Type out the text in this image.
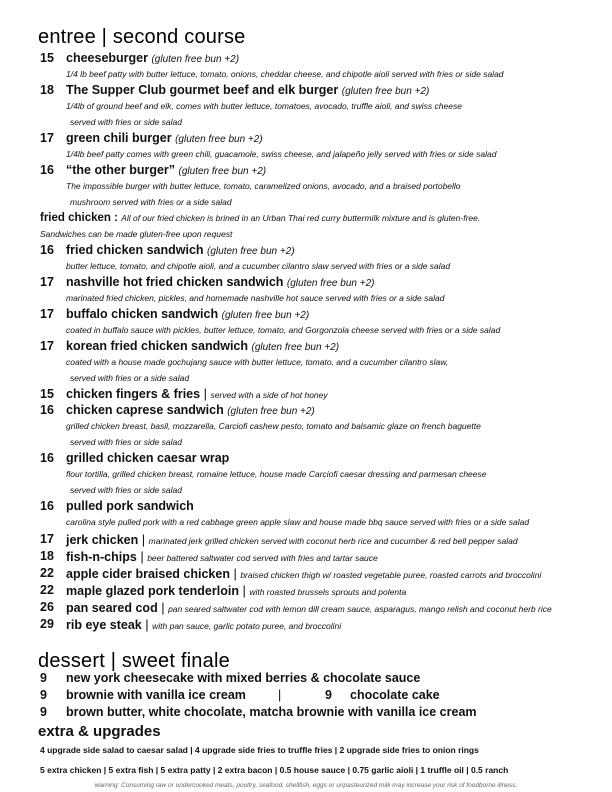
entree | second course
15 cheeseburger (gluten free bun +2)
1/4 lb beef patty with butter lettuce, tomato, onions, cheddar cheese, and chipotle aioli served with fries or side salad
18 The Supper Club gourmet beef and elk burger (gluten free bun +2)
1/4lb of ground beef and elk, comes with butter lettuce, tomatoes, avocado, truffle aioli, and swiss cheese
served with fries or side salad
17 green chili burger (gluten free bun +2)
1/4lb beef patty comes with green chili, guacamole, swiss cheese, and jalapeño jelly served with fries or side salad
16 “the other burger” (gluten free bun +2)
The impossible burger with butter lettuce, tomato, caramelized onions, avocado, and a braised portobello
mushroom served with fries or a side salad
fried chicken : All of our fried chicken is brined in an Urban Thai red curry buttermilk mixture and is gluten-free.
Sandwiches can be made gluten-free upon request
16 fried chicken sandwich (gluten free bun +2)
butter lettuce, tomato, and chipotle aioli, and a cucumber cilantro slaw served with fries or a side salad
17 nashville hot fried chicken sandwich (gluten free bun +2)
marinated fried chicken, pickles, and homemade nashville hot sauce served with fries or a side salad
17 buffalo chicken sandwich (gluten free bun +2)
coated in buffalo sauce with pickles, butter lettuce, tomato, and Gorgonzola cheese served with fries or a side salad
17 korean fried chicken sandwich (gluten free bun +2)
coated with a house made gochujang sauce with butter lettuce, tomato, and a cucumber cilantro slaw,
served with fries or a side salad
15 chicken fingers & fries | served with a side of hot honey
16 chicken caprese sandwich (gluten free bun +2)
grilled chicken breast, basil, mozzarella, Carciofi cashew pesto, tomato and balsamic glaze on french baguette
served with fries or side salad
16 grilled chicken caesar wrap
flour tortilla, grilled chicken breast, romaine lettuce, house made Carciofi caesar dressing and parmesan cheese
served with fries or side salad
16 pulled pork sandwich
carolina style pulled pork with a red cabbage green apple slaw and house made bbq sauce served with fries or a side salad
17 jerk chicken | marinated jerk grilled chicken served with coconut herb rice and cucumber & red bell pepper salad
18 fish-n-chips | beer battered saltwater cod served with fries and tartar sauce
22 apple cider braised chicken | braised chicken thigh w/ roasted vegetable puree, roasted carrots and broccolini
22 maple glazed pork tenderloin | with roasted brussels sprouts and polenta
26 pan seared cod | pan seared saltwater cod with lemon dill cream sauce, asparagus, mango relish and coconut herb rice
29 rib eye steak | with pan sauce, garlic potato puree, and broccolini
dessert | sweet finale
9 new york cheesecake with mixed berries & chocolate sauce
9 brownie with vanilla ice cream	|	9 chocolate cake
9 brown butter, white chocolate, matcha brownie with vanilla ice cream
extra & upgrades
4 upgrade side salad to caesar salad | 4 upgrade side fries to truffle fries | 2 upgrade side fries to onion rings
5 extra chicken | 5 extra fish | 5 extra patty | 2 extra bacon | 0.5 house sauce | 0.75 garlic aioli | 1 truffle oil | 0.5 ranch
warning: Consuming raw or undercooked meats, poultry, seafood, shellfish, eggs or unpasteurized milk may increase your risk of foodborne illness.
